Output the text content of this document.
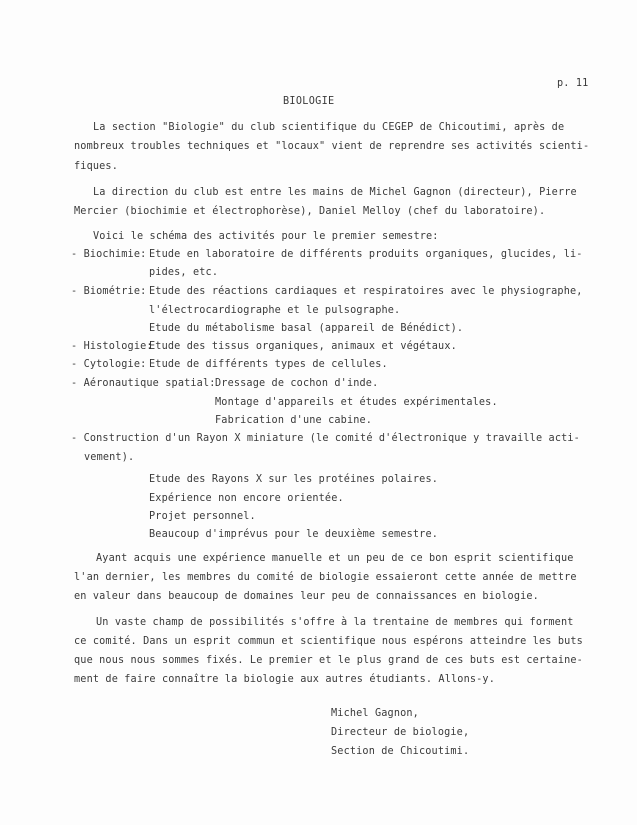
p. 11
BIOLOGIE
La section "Biologie" du club scientifique du CEGEP de Chicoutimi, après de
nombreux troubles techniques et "locaux" vient de reprendre ses activités scienti-
fiques.
La direction du club est entre les mains de Michel Gagnon (directeur), Pierre
Mercier (biochimie et électrophorèse), Daniel Melloy (chef du laboratoire).
Voici le schéma des activités pour le premier semestre:
- Biochimie: Etude en laboratoire de différents produits organiques, glucides, li-
pides, etc.
- Biométrie: Etude des réactions cardiaques et respiratoires avec le physiographe,
l'électrocardiographe et le pulsographe.
Etude du métabolisme basal (appareil de Bénédict).
- Histologie:
Etude des tissus organiques, animaux et végétaux.
- Cytologie: Etude de différents types de cellules.
- Aéronautique spatial: Dressage de cochon d'inde.
Montage d'appareils et études expérimentales.
Fabrication d'une cabine.
- Construction d'un Rayon X miniature (le comité d'électronique y travaille acti-
vement).
Etude des Rayons X sur les protéines polaires.
Expérience non encore orientée.
Projet personnel.
Beaucoup d'imprévus pour le deuxième semestre.
Ayant acquis une expérience manuelle et un peu de ce bon esprit scientifique
l'an dernier, les membres du comité de biologie essaieront cette année de mettre
en valeur dans beaucoup de domaines leur peu de connaissances en biologie.
Un vaste champ de possibilités s'offre à la trentaine de membres qui forment
ce comité. Dans un esprit commun et scientifique nous espérons atteindre les buts
que nous nous sommes fixés. Le premier et le plus grand de ces buts est certaine-
ment de faire connaître la biologie aux autres étudiants. Allons-y.
Michel Gagnon,
Directeur de biologie,
Section de Chicoutimi.
